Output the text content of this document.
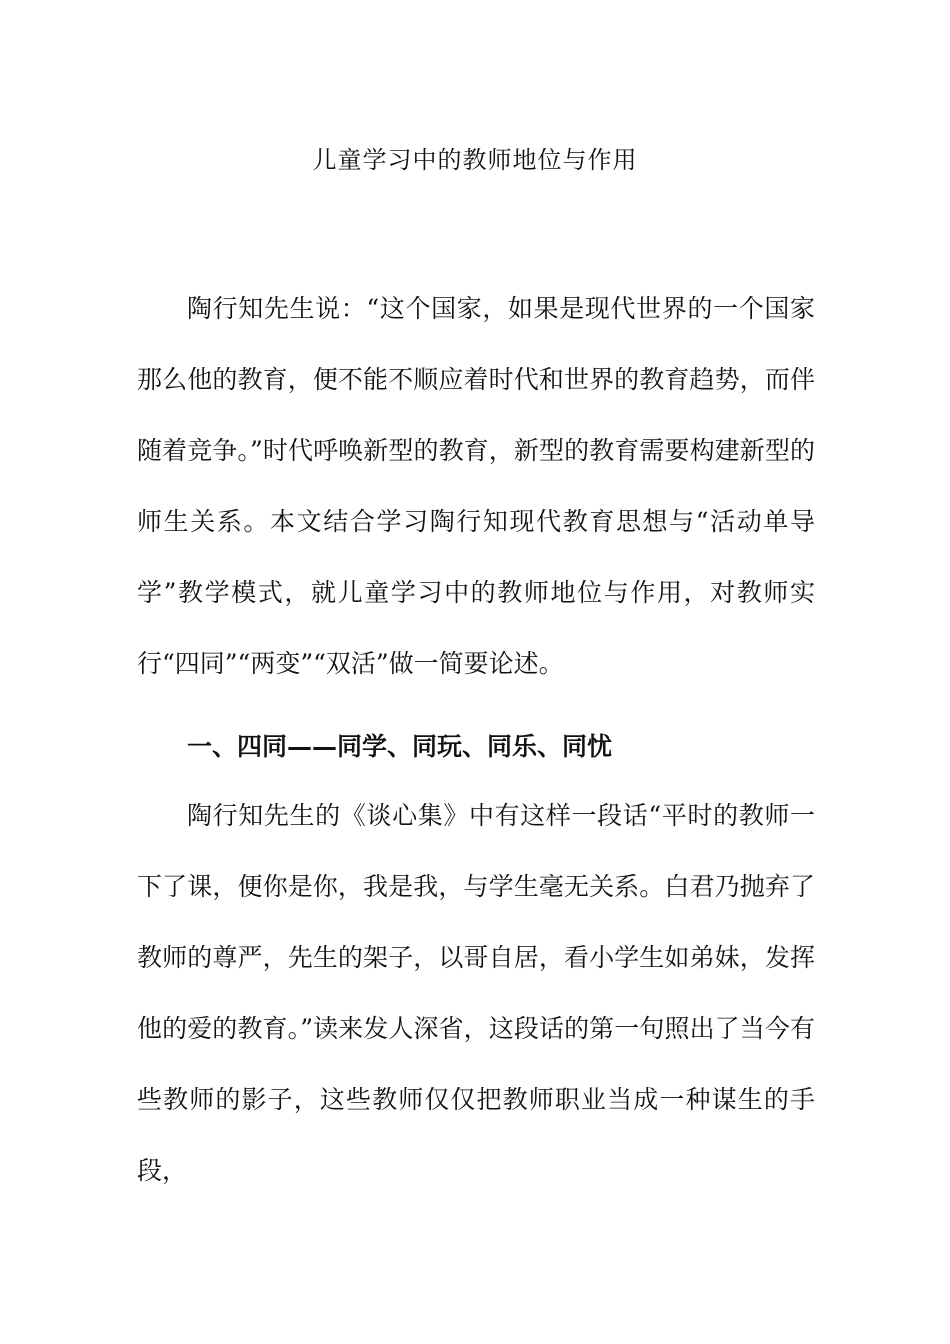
儿童学习中的教师地位与作用

陶行知先生说：“这个国家，如果是现代世界的一个国家那么他的教育，便不能不顺应着时代和世界的教育趋势，而伴随着竞争。”时代呼唤新型的教育，新型的教育需要构建新型的师生关系。本文结合学习陶行知现代教育思想与“活动单导学”教学模式，就儿童学习中的教师地位与作用，对教师实行“四同”“两变”“双活”做一简要论述。

一、四同——同学、同玩、同乐、同忧

陶行知先生的《谈心集》中有这样一段话“平时的教师一下了课，便你是你，我是我，与学生毫无关系。白君乃抛弃了教师的尊严，先生的架子，以哥自居，看小学生如弟妹，发挥他的爱的教育。”读来发人深省，这段话的第一句照出了当今有些教师的影子，这些教师仅仅把教师职业当成一种谋生的手段，
